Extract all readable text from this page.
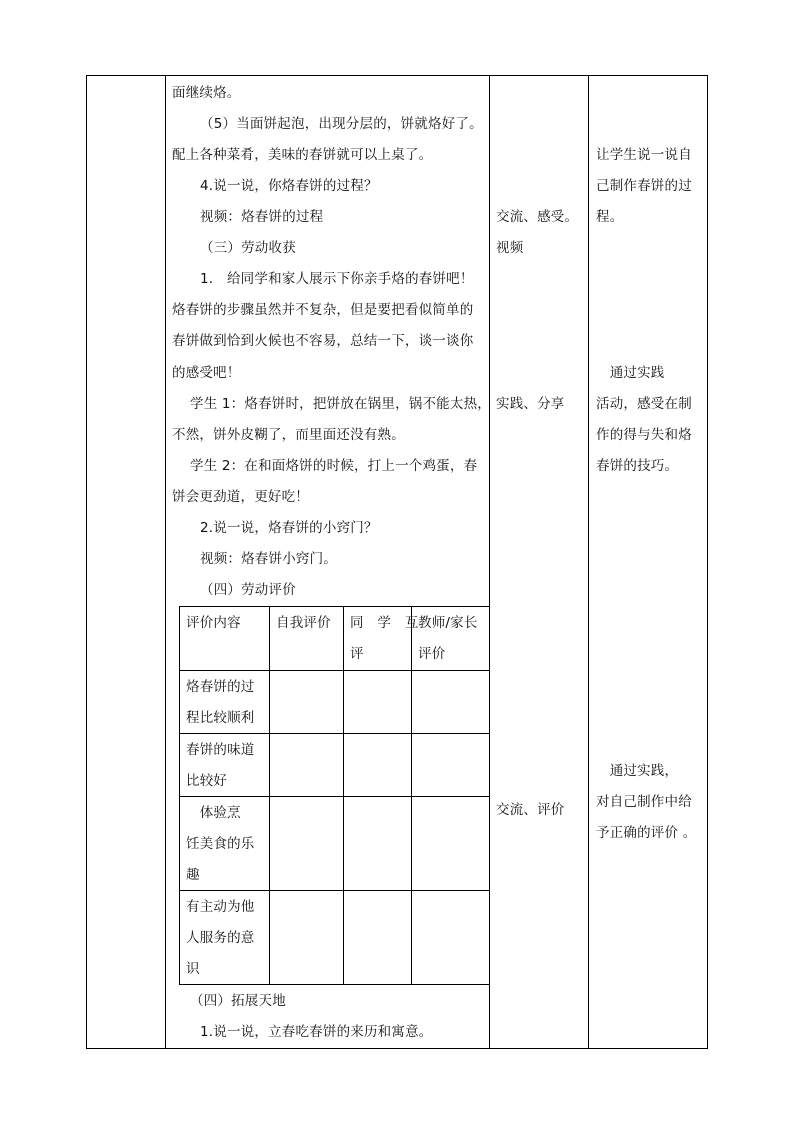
面继续烙。
（5）当面饼起泡，出现分层的，饼就烙好了。
配上各种菜肴，美味的春饼就可以上桌了。
4.说一说，你烙春饼的过程？
视频：烙春饼的过程
（三）劳动收获
1.　给同学和家人展示下你亲手烙的春饼吧！
烙春饼的步骤虽然并不复杂，但是要把看似简单的
春饼做到恰到火候也不容易，总结一下，谈一谈你
的感受吧！
学生 1：烙春饼时，把饼放在锅里，锅不能太热，
不然，饼外皮糊了，而里面还没有熟。
学生 2：在和面烙饼的时候，打上一个鸡蛋，春
饼会更劲道，更好吃！
2.说一说，烙春饼的小窍门？
视频：烙春饼小窍门。
（四）劳动评价
评价内容	自我评价 同　学　互
评
教师/家长
评价
烙春饼的过
程比较顺利
春饼的味道
比较好
　体验烹
饪美食的乐
趣
有主动为他
人服务的意
识
（四）拓展天地
1.说一说，立春吃春饼的来历和寓意。
交流、感受。
视频
实践、分享
交流、评价
让学生说一说自
己制作春饼的过
程。
　通过实践
活动，感受在制
作的得与失和烙
春饼的技巧。
　通过实践，
对自己制作中给
予正确的评价 。
